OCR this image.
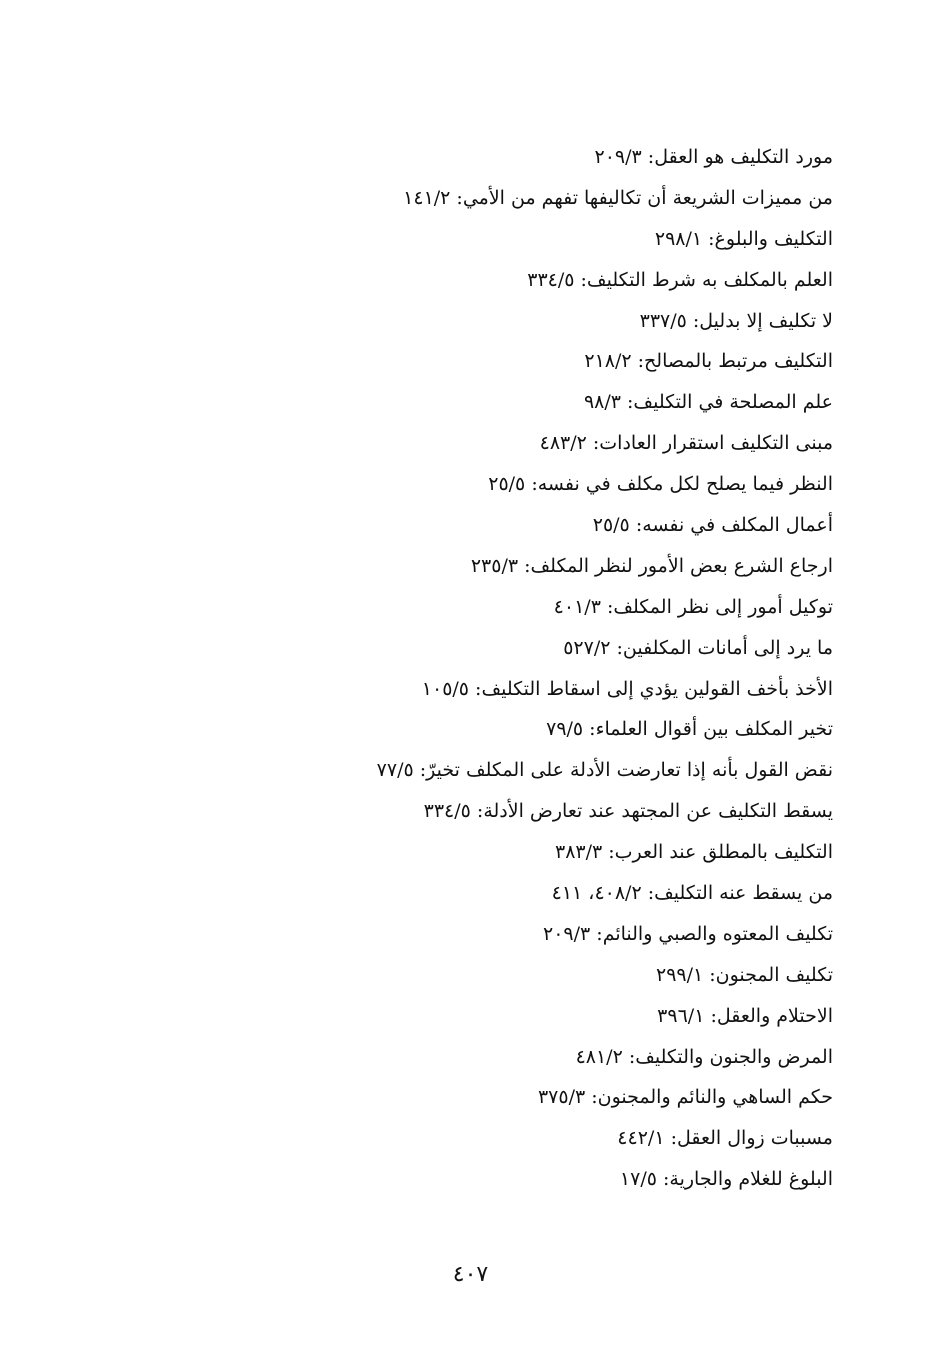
مورد التكليف هو العقل: ٢٠٩/٣
من مميزات الشريعة أن تكاليفها تفهم من الأمي: ١٤١/٢
التكليف والبلوغ: ٢٩٨/١
العلم بالمكلف به شرط التكليف: ٣٣٤/٥
لا تكليف إلا بدليل: ٣٣٧/٥
التكليف مرتبط بالمصالح: ٢١٨/٢
علم المصلحة في التكليف: ٩٨/٣
مبنى التكليف استقرار العادات: ٤٨٣/٢
النظر فيما يصلح لكل مكلف في نفسه: ٢٥/٥
أعمال المكلف في نفسه: ٢٥/٥
ارجاع الشرع بعض الأمور لنظر المكلف: ٢٣٥/٣
توكيل أمور إلى نظر المكلف: ٤٠١/٣
ما يرد إلى أمانات المكلفين: ٥٢٧/٢
الأخذ بأخف القولين يؤدي إلى اسقاط التكليف: ١٠٥/٥
تخير المكلف بين أقوال العلماء: ٧٩/٥
نقض القول بأنه إذا تعارضت الأدلة على المكلف تخيرّ: ٧٧/٥
يسقط التكليف عن المجتهد عند تعارض الأدلة: ٣٣٤/٥
التكليف بالمطلق عند العرب: ٣٨٣/٣
من يسقط عنه التكليف: ٤٠٨/٢، ٤١١
تكليف المعتوه والصبي والنائم: ٢٠٩/٣
تكليف المجنون: ٢٩٩/١
الاحتلام والعقل: ٣٩٦/١
المرض والجنون والتكليف: ٤٨١/٢
حكم الساهي والنائم والمجنون: ٣٧٥/٣
مسببات زوال العقل: ٤٤٢/١
البلوغ للغلام والجارية: ١٧/٥
٤٠٧
